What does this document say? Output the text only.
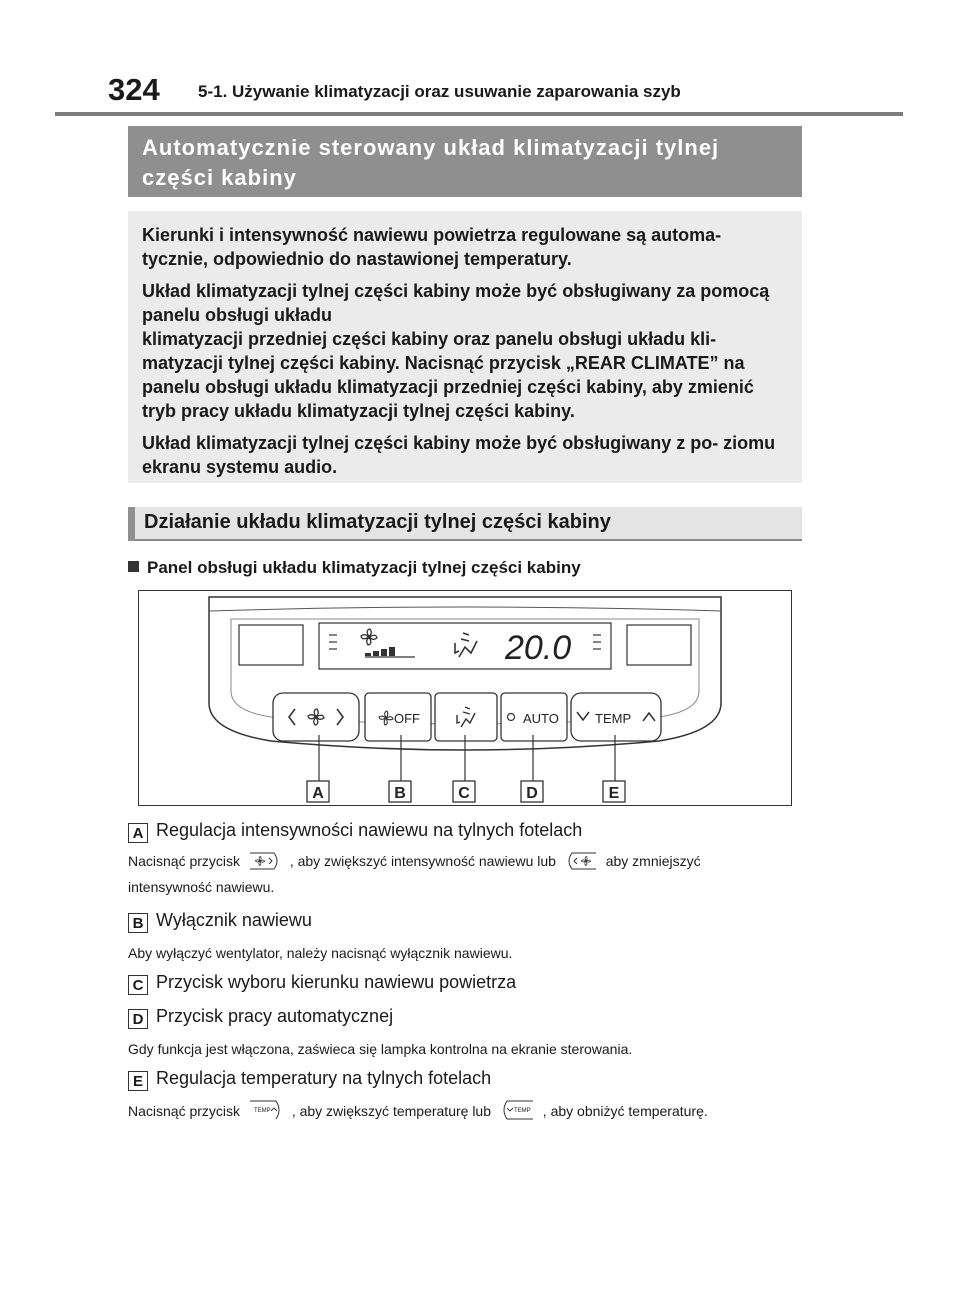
324 5-1. Używanie klimatyzacji oraz usuwanie zaparowania szyb
Automatycznie sterowany układ klimatyzacji tylnej części kabiny

Kierunki i intensywność nawiewu powietrza regulowane są automa- tycznie, odpowiednio do nastawionej temperatury.

Układ klimatyzacji tylnej części kabiny może być obsługiwany za pomocą panelu obsługi układu

klimatyzacji przedniej części kabiny oraz panelu obsługi układu kli- matyzacji tylnej części kabiny. Nacisnąć przycisk „REAR CLIMATE” na panelu obsługi układu klimatyzacji przedniej części kabiny, aby zmienić tryb pracy układu klimatyzacji tylnej części kabiny.

Układ klimatyzacji tylnej części kabiny może być obsługiwany z po- ziomu ekranu systemu audio.

Działanie układu klimatyzacji tylnej części kabiny
Panel obsługi układu klimatyzacji tylnej części kabiny
20.0
OFF	AUTO	TEMP
A	B	C	D	E
A Regulacja intensywności nawiewu na tylnych fotelach
Nacisnąć przycisk	, aby zwiększyć intensywność nawiewu lub	aby zmniejszyć
intensywność nawiewu.
B Wyłącznik nawiewu
Aby wyłączyć wentylator, należy nacisnąć wyłącznik nawiewu.
C Przycisk wyboru kierunku nawiewu powietrza
D Przycisk pracy automatycznej
Gdy funkcja jest włączona, zaświeca się lampka kontrolna na ekranie sterowania.
E Regulacja temperatury na tylnych fotelach
Nacisnąć przycisk TEMP , aby zwiększyć temperaturę lub	TEMP , aby obniżyć temperaturę.
